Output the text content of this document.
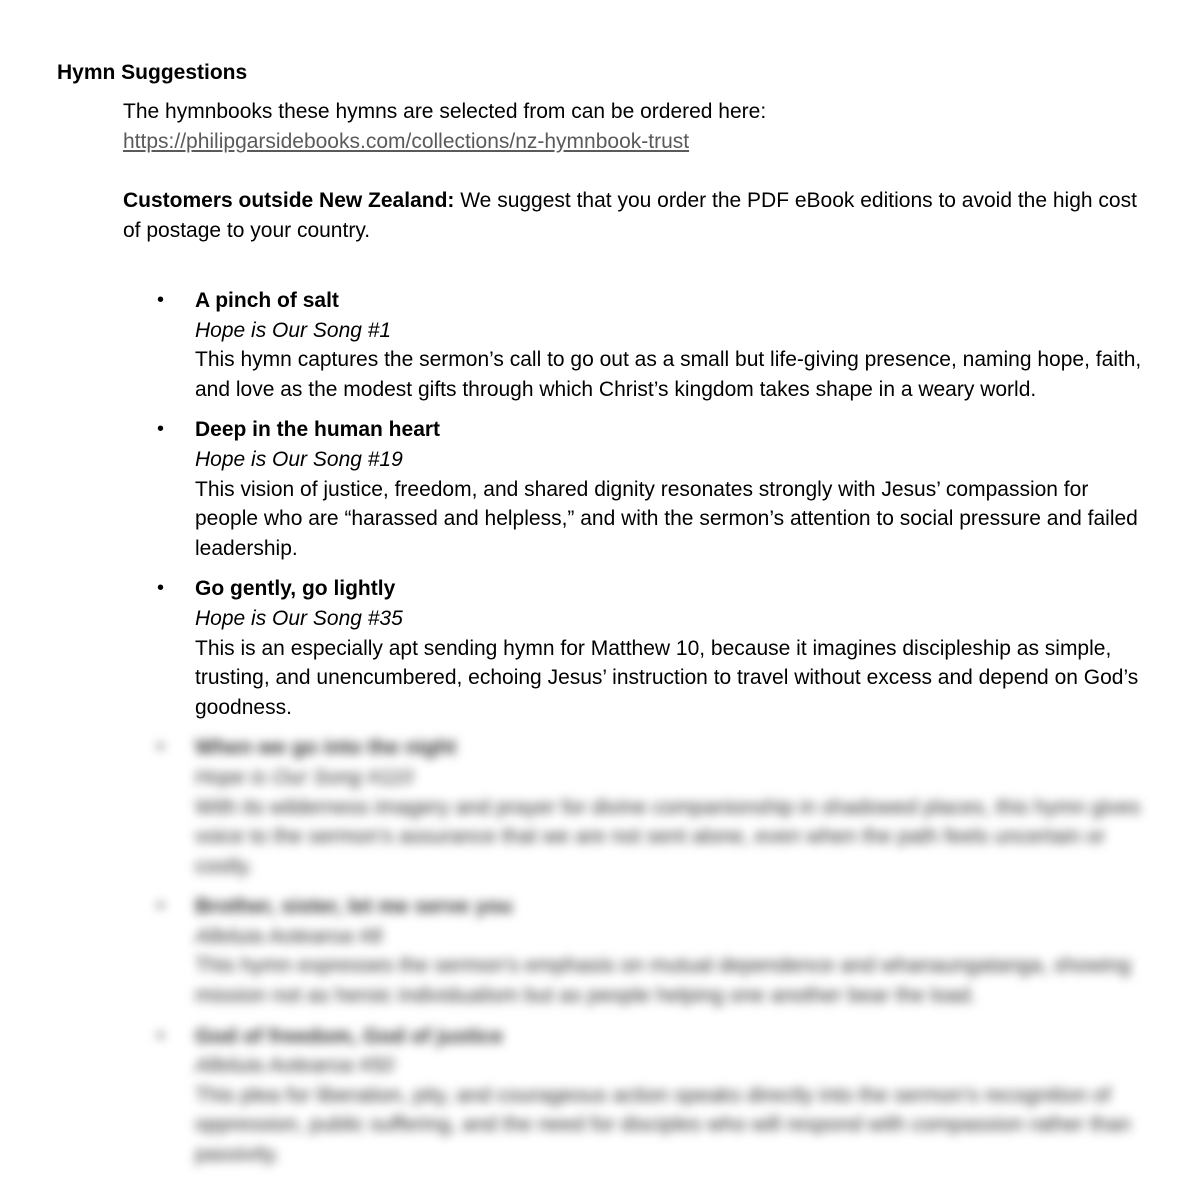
Hymn Suggestions
The hymnbooks these hymns are selected from can be ordered here:
https://philipgarsidebooks.com/collections/nz-hymnbook-trust
Customers outside New Zealand: We suggest that you order the PDF eBook editions to avoid the high cost of postage to your country.
• A pinch of salt
Hope is Our Song #1
This hymn captures the sermon’s call to go out as a small but life-giving presence, naming hope, faith, and love as the modest gifts through which Christ’s kingdom takes shape in a weary world.
• Deep in the human heart
Hope is Our Song #19
This vision of justice, freedom, and shared dignity resonates strongly with Jesus’ compassion for people who are “harassed and helpless,” and with the sermon’s attention to social pressure and failed leadership.
• Go gently, go lightly
Hope is Our Song #35
This is an especially apt sending hymn for Matthew 10, because it imagines discipleship as simple, trusting, and unencumbered, echoing Jesus’ instruction to travel without excess and depend on God’s goodness.
• When we go into the night
Hope is Our Song #110
With its wilderness imagery and prayer for divine companionship in shadowed places, this hymn gives voice to the sermon’s assurance that we are not sent alone, even when the path feels uncertain or costly.
• Brother, sister, let me serve you
Alleluia Aotearoa #8
This hymn expresses the sermon’s emphasis on mutual dependence and whanaungatanga, showing mission not as heroic individualism but as people helping one another bear the load.
• God of freedom, God of justice
Alleluia Aotearoa #50
This plea for liberation, pity, and courageous action speaks directly into the sermon’s recognition of oppression, public suffering, and the need for disciples who will respond with compassion rather than passivity.
